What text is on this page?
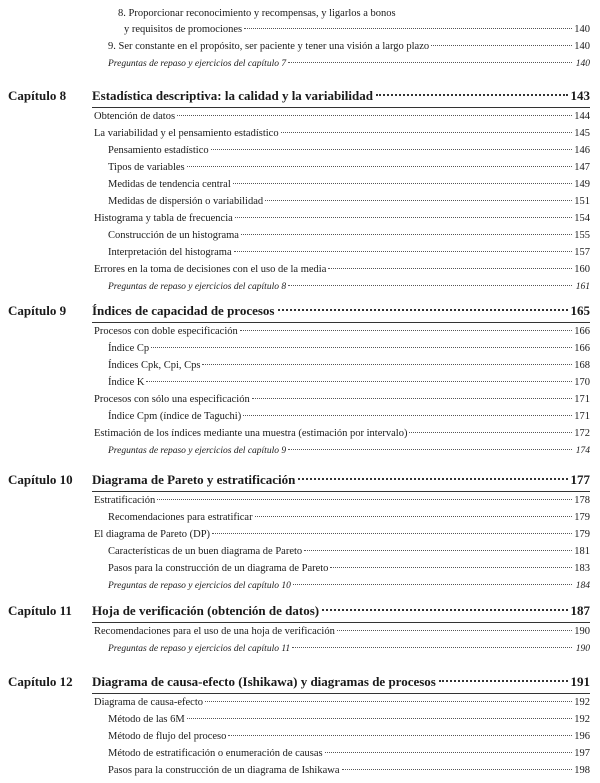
8. Proporcionar reconocimiento y recompensas, y ligarlos a bonos
y requisitos de promociones	140
9. Ser constante en el propósito, ser paciente y tener una visión a largo plazo	140
Preguntas de repaso y ejercicios del capítulo 7	140
Capítulo 8 Estadística descriptiva: la calidad y la variabilidad	143
Obtención de datos	144
La variabilidad y el pensamiento estadístico	145
Pensamiento estadístico	146
Tipos de variables	147
Medidas de tendencia central	149
Medidas de dispersión o variabilidad	151
Histograma y tabla de frecuencia	154
Construcción de un histograma	155
Interpretación del histograma	157
Errores en la toma de decisiones con el uso de la media	160
Preguntas de repaso y ejercicios del capítulo 8	161
Capítulo 9 Índices de capacidad de procesos	165
Procesos con doble especificación	166
Índice Cp	166
Índices Cpk, Cpi, Cps	168
Índice K	170
Procesos con sólo una especificación	171
Índice Cpm (índice de Taguchi)	171
Estimación de los índices mediante una muestra (estimación por intervalo)	172
Preguntas de repaso y ejercicios del capítulo 9	174
Capítulo 10 Diagrama de Pareto y estratificación	177
Estratificación	178
Recomendaciones para estratificar	179
El diagrama de Pareto (DP)	179
Características de un buen diagrama de Pareto	181
Pasos para la construcción de un diagrama de Pareto	183
Preguntas de repaso y ejercicios del capítulo 10	184
Capítulo 11 Hoja de verificación (obtención de datos)	187
Recomendaciones para el uso de una hoja de verificación	190
Preguntas de repaso y ejercicios del capítulo 11	190
Capítulo 12 Diagrama de causa-efecto (Ishikawa) y diagramas de procesos	191
Diagrama de causa-efecto	192
Método de las 6M	192
Método de flujo del proceso	196
Método de estratificación o enumeración de causas	197
Pasos para la construcción de un diagrama de Ishikawa	198
